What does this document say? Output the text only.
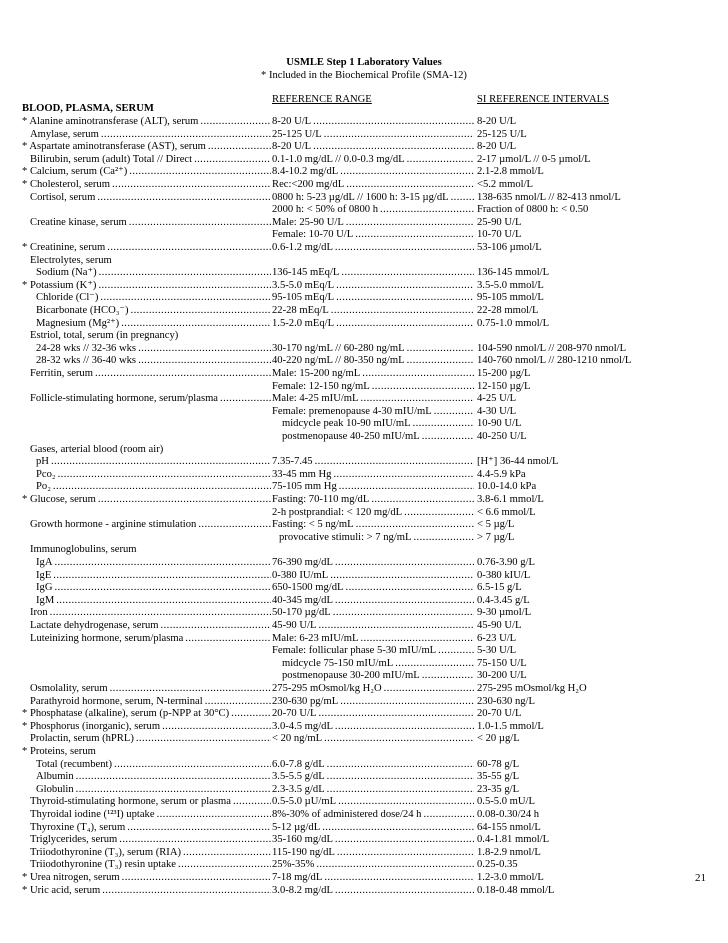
USMLE Step 1 Laboratory Values
* Included in the Biochemical Profile (SMA-12)
REFERENCE RANGE	SI REFERENCE INTERVALS
BLOOD, PLASMA, SERUM
* Alanine aminotransferase (ALT), serum .....	8-20 U/L .....	8-20 U/L
Amylase, serum .....	25-125 U/L .....	25-125 U/L
* Aspartate aminotransferase (AST), serum .....	8-20 U/L .....	8-20 U/L
Bilirubin, serum (adult) Total // Direct .....	0.1-1.0 mg/dL // 0.0-0.3 mg/dL .....	2-17 µmol/L // 0-5 µmol/L
* Calcium, serum (Ca²⁺) .....	8.4-10.2 mg/dL .....	2.1-2.8 mmol/L
* Cholesterol, serum .....	Rec:<200 mg/dL .....	<5.2 mmol/L
Cortisol, serum .....	0800 h: 5-23 µg/dL // 1600 h: 3-15 µg/dL .....	138-635 nmol/L // 82-413 nmol/L
2000 h: < 50% of 0800 h .....	Fraction of 0800 h: < 0.50
Creatine kinase, serum .....	Male: 25-90 U/L .....	25-90 U/L
Female: 10-70 U/L .....	10-70 U/L
* Creatinine, serum .....	0.6-1.2 mg/dL .....	53-106 µmol/L
Electrolytes, serum
Sodium (Na⁺) .....	136-145 mEq/L .....	136-145 mmol/L
* Potassium (K⁺) .....	3.5-5.0 mEq/L .....	3.5-5.0 mmol/L
Chloride (Cl⁻) .....	95-105 mEq/L .....	95-105 mmol/L
Bicarbonate (HCO₃⁻) .....	22-28 mEq/L .....	22-28 mmol/L
Magnesium (Mg²⁺) .....	1.5-2.0 mEq/L .....	0.75-1.0 mmol/L
Estriol, total, serum (in pregnancy)
24-28 wks // 32-36 wks .....	30-170 ng/mL // 60-280 ng/mL .....	104-590 nmol/L // 208-970 nmol/L
28-32 wks // 36-40 wks .....	40-220 ng/mL // 80-350 ng/mL .....	140-760 nmol/L // 280-1210 nmol/L
Ferritin, serum .....	Male: 15-200 ng/mL .....	15-200 µg/L
Female: 12-150 ng/mL .....	12-150 µg/L
Follicle-stimulating hormone, serum/plasma .....	Male: 4-25 mIU/mL .....	4-25 U/L
Female: premenopause 4-30 mIU/mL .....	4-30 U/L
midcycle peak 10-90 mIU/mL .....	10-90 U/L
postmenopause 40-250 mIU/mL .....	40-250 U/L
Gases, arterial blood (room air)
pH .....	7.35-7.45 .....	[H⁺] 36-44 nmol/L
Pco₂ .....	33-45 mm Hg .....	4.4-5.9 kPa
Po₂ .....	75-105 mm Hg .....	10.0-14.0 kPa
* Glucose, serum .....	Fasting: 70-110 mg/dL .....	3.8-6.1 mmol/L
2-h postprandial: < 120 mg/dL .....	< 6.6 mmol/L
Growth hormone - arginine stimulation .....	Fasting: < 5 ng/mL .....	< 5 µg/L
provocative stimuli: > 7 ng/mL .....	> 7 µg/L
Immunoglobulins, serum
IgA .....	76-390 mg/dL .....	0.76-3.90 g/L
IgE .....	0-380 IU/mL .....	0-380 kIU/L
IgG .....	650-1500 mg/dL .....	6.5-15 g/L
IgM .....	40-345 mg/dL .....	0.4-3.45 g/L
Iron .....	50-170 µg/dL .....	9-30 µmol/L
Lactate dehydrogenase, serum .....	45-90 U/L .....	45-90 U/L
Luteinizing hormone, serum/plasma .....	Male: 6-23 mIU/mL .....	6-23 U/L
Female: follicular phase 5-30 mIU/mL .....	5-30 U/L
midcycle 75-150 mIU/mL .....	75-150 U/L
postmenopause 30-200 mIU/mL .....	30-200 U/L
Osmolality, serum .....	275-295 mOsmol/kg H₂O .....	275-295 mOsmol/kg H₂O
Parathyroid hormone, serum, N-terminal .....	230-630 pg/mL .....	230-630 ng/L
* Phosphatase (alkaline), serum (p-NPP at 30°C) .....	20-70 U/L .....	20-70 U/L
* Phosphorus (inorganic), serum .....	3.0-4.5 mg/dL .....	1.0-1.5 mmol/L
Prolactin, serum (hPRL) .....	< 20 ng/mL .....	< 20 µg/L
* Proteins, serum
Total (recumbent) .....	6.0-7.8 g/dL .....	60-78 g/L
Albumin .....	3.5-5.5 g/dL .....	35-55 g/L
Globulin .....	2.3-3.5 g/dL .....	23-35 g/L
Thyroid-stimulating hormone, serum or plasma .....	0.5-5.0 µU/mL .....	0.5-5.0 mU/L
Thyroidal iodine (¹²³I) uptake .....	8%-30% of administered dose/24 h .....	0.08-0.30/24 h
Thyroxine (T₄), serum .....	5-12 µg/dL .....	64-155 nmol/L
Triglycerides, serum .....	35-160 mg/dL .....	0.4-1.81 mmol/L
Triiodothyronine (T₃), serum (RIA) .....	115-190 ng/dL .....	1.8-2.9 nmol/L
Triiodothyronine (T₃) resin uptake .....	25%-35% .....	0.25-0.35
* Urea nitrogen, serum .....	7-18 mg/dL .....	1.2-3.0 mmol/L
* Uric acid, serum .....	3.0-8.2 mg/dL .....	0.18-0.48 mmol/L
21
